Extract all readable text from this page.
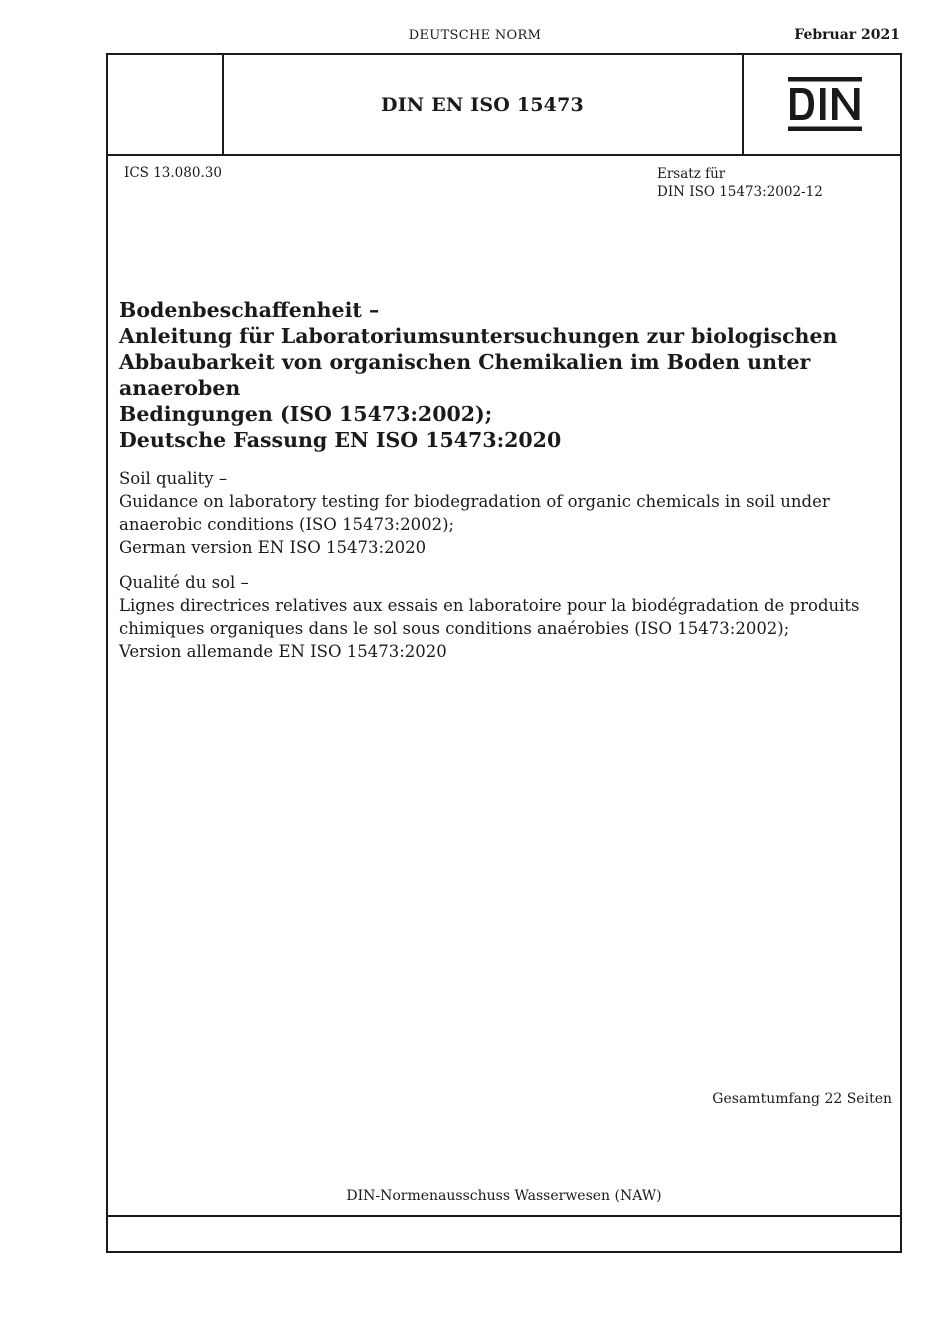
DEUTSCHE NORM	Februar 2021
DIN EN ISO 15473
ICS 13.080.30	Ersatz für
DIN ISO 15473:2002-12
Bodenbeschaffenheit –
Anleitung für Laboratoriumsuntersuchungen zur biologischen
Abbaubarkeit von organischen Chemikalien im Boden unter anaeroben
Bedingungen (ISO 15473:2002);
Deutsche Fassung EN ISO 15473:2020
Soil quality –
Guidance on laboratory testing for biodegradation of organic chemicals in soil under
anaerobic conditions (ISO 15473:2002);
German version EN ISO 15473:2020
Qualité du sol –
Lignes directrices relatives aux essais en laboratoire pour la biodégradation de produits
chimiques organiques dans le sol sous conditions anaérobies (ISO 15473:2002);
Version allemande EN ISO 15473:2020
Gesamtumfang 22 Seiten
DIN-Normenausschuss Wasserwesen (NAW)
